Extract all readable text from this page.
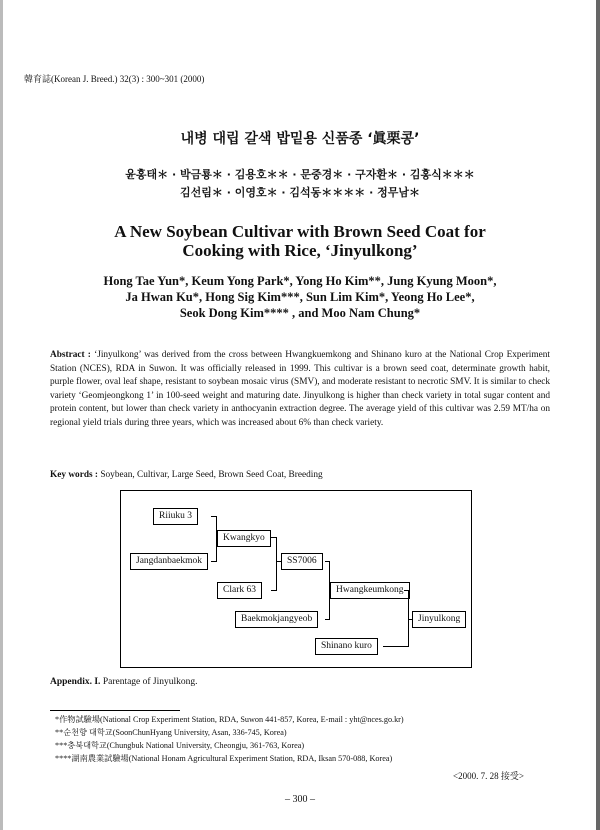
韓育誌(Korean J. Breed.) 32(3) : 300~301 (2000)
내병 대립 갈색 밥밑용 신품종 ‘眞栗콩’
윤홍태＊ · 박금룡＊ · 김용호＊＊ · 문중경＊ · 구자환＊ · 김홍식＊＊＊
김선림＊ · 이영호＊ · 김석동＊＊＊＊ · 정무남＊
A New Soybean Cultivar with Brown Seed Coat for
Cooking with Rice, ‘Jinyulkong’
Hong Tae Yun*, Keum Yong Park*, Yong Ho Kim**, Jung Kyung Moon*,
Ja Hwan Ku*, Hong Sig Kim***, Sun Lim Kim*, Yeong Ho Lee*,
Seok Dong Kim**** , and Moo Nam Chung*
Abstract : ‘Jinyulkong’ was derived from the cross between Hwangkuemkong and Shinano kuro at the National Crop Experiment Station (NCES), RDA in Suwon. It was officially released in 1999. This cultivar is a brown seed coat, determinate growth habit, purple flower, oval leaf shape, resistant to soybean mosaic virus (SMV), and moderate resistant to necrotic SMV. It is similar to check variety ‘Geomjeongkong 1’ in 100-seed weight and maturing date. Jinyulkong is higher than check variety in total sugar content and protein content, but lower than check variety in anthocyanin extraction degree. The average yield of this cultivar was 2.59 MT/ha on regional yield trials during three years, which was increased about 6% than check variety.
Key words : Soybean, Cultivar, Large Seed, Brown Seed Coat, Breeding
Riiuku 3
Jangdanbaekmok
Kwangkyo
Clark 63
SS7006
Baekmokjangyeob
Hwangkeumkong
Shinano kuro
Jinyulkong
Appendix. I. Parentage of Jinyulkong.
*作物試驗場(National Crop Experiment Station, RDA, Suwon 441-857, Korea, E-mail : yht@nces.go.kr)
**순천향 대학교(SoonChunHyang University, Asan, 336-745, Korea)
***충북대학교(Chungbuk National University, Cheongju, 361-763, Korea)
****湖南農業試驗場(National Honam Agricultural Experiment Station, RDA, Iksan 570-088, Korea)
<2000. 7. 28 接受>
– 300 –
